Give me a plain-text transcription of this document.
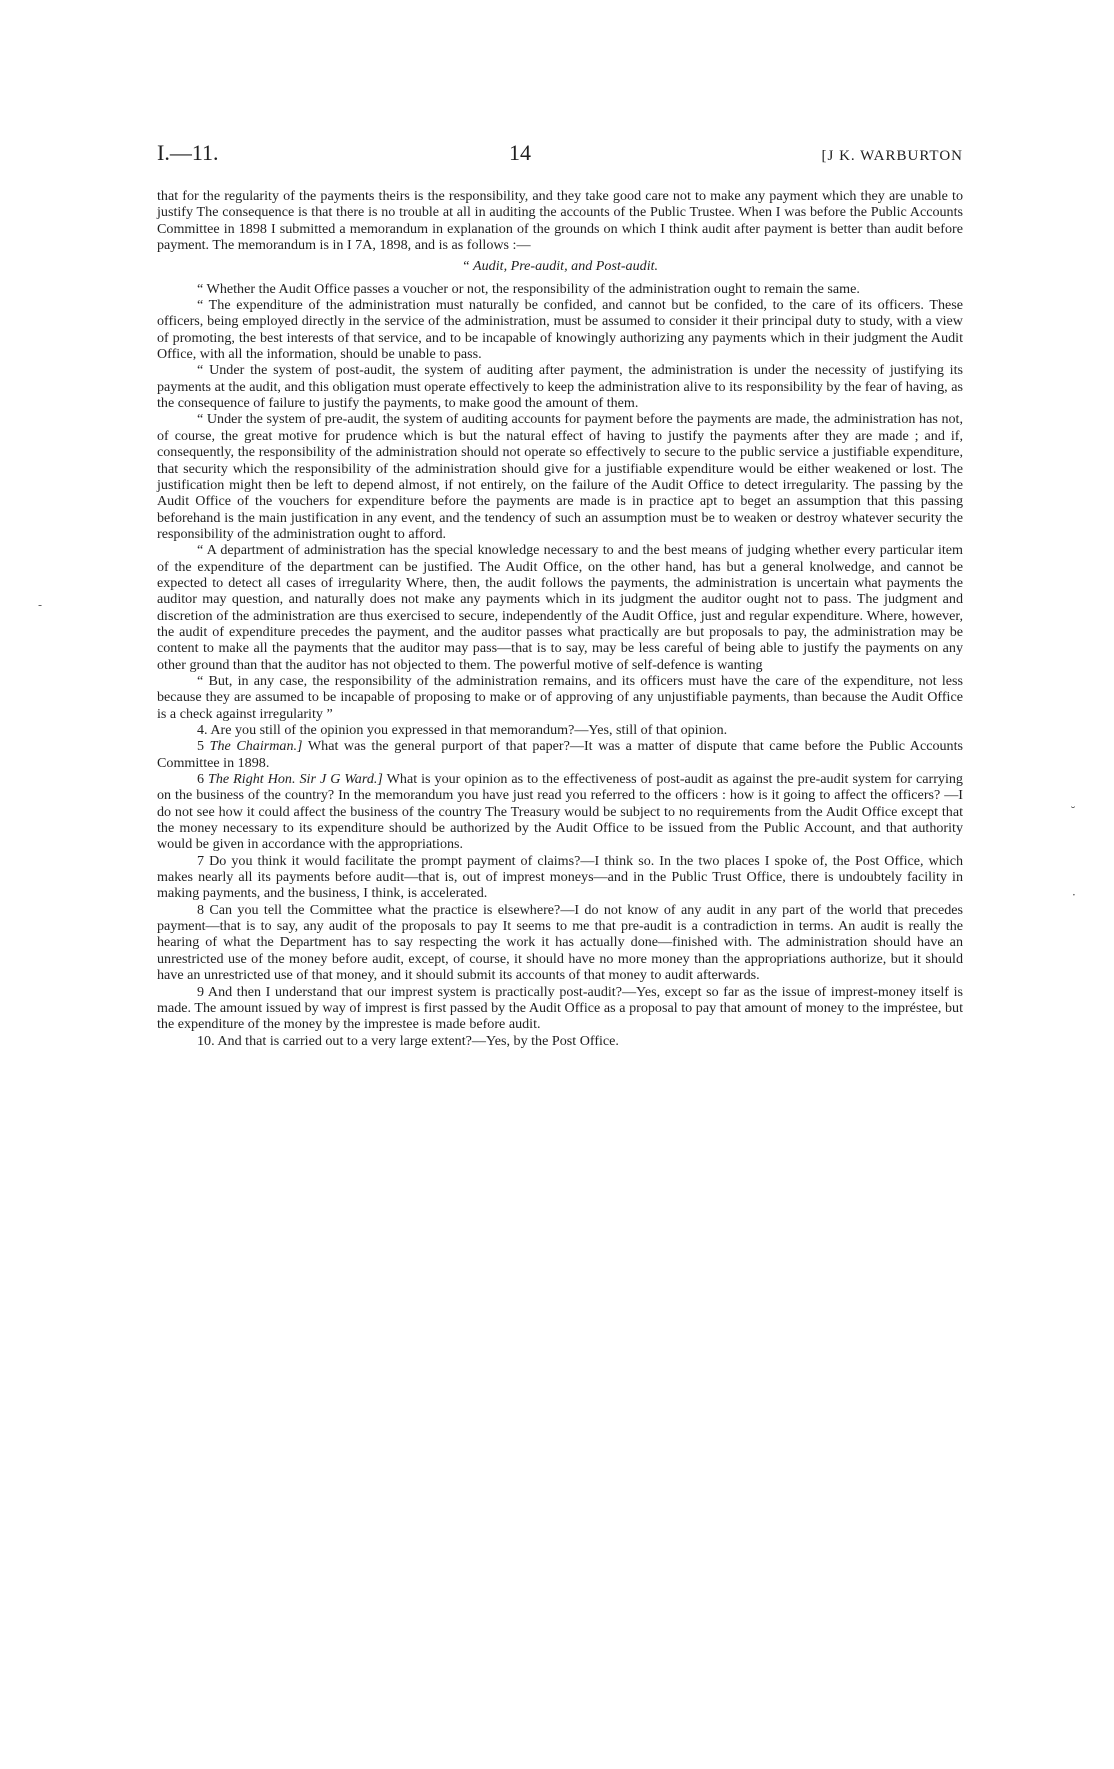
I.—11.	14	[J K. WARBURTON

that for the regularity of the payments theirs is the responsibility, and they take good care not to make any payment which they are unable to justify The consequence is that there is no trouble at all in auditing the accounts of the Public Trustee. When I was before the Public Accounts Committee in 1898 I submitted a memorandum in explanation of the grounds on which I think audit after payment is better than audit before payment. The memorandum is in I 7A, 1898, and is as follows :—

“ Audit, Pre-audit, and Post-audit.

“ Whether the Audit Office passes a voucher or not, the responsibility of the administration ought to remain the same.

“ The expenditure of the administration must naturally be confided, and cannot but be confided, to the care of its officers. These officers, being employed directly in the service of the administration, must be assumed to consider it their principal duty to study, with a view of promoting, the best interests of that service, and to be incapable of knowingly authorizing any payments which in their judgment the Audit Office, with all the information, should be unable to pass.

“ Under the system of post-audit, the system of auditing after payment, the administration is under the necessity of justifying its payments at the audit, and this obligation must operate effectively to keep the administration alive to its responsibility by the fear of having, as the consequence of failure to justify the payments, to make good the amount of them.

“ Under the system of pre-audit, the system of auditing accounts for payment before the payments are made, the administration has not, of course, the great motive for prudence which is but the natural effect of having to justify the payments after they are made ; and if, consequently, the responsibility of the administration should not operate so effectively to secure to the public service a justifiable expenditure, that security which the responsibility of the administration should give for a justifiable expenditure would be either weakened or lost. The justification might then be left to depend almost, if not entirely, on the failure of the Audit Office to detect irregularity. The passing by the Audit Office of the vouchers for expenditure before the payments are made is in practice apt to beget an assumption that this passing beforehand is the main justification in any event, and the tendency of such an assumption must be to weaken or destroy whatever security the responsibility of the administration ought to afford.

“ A department of administration has the special knowledge necessary to and the best means of judging whether every particular item of the expenditure of the department can be justified. The Audit Office, on the other hand, has but a general knolwedge, and cannot be expected to detect all cases of irregularity Where, then, the audit follows the payments, the administration is uncertain what payments the auditor may question, and naturally does not make any payments which in its judgment the auditor ought not to pass. The judgment and discretion of the administration are thus exercised to secure, independently of the Audit Office, just and regular expenditure. Where, however, the audit of expenditure precedes the payment, and the auditor passes what practically are but proposals to pay, the administration may be content to make all the payments that the auditor may pass—that is to say, may be less careful of being able to justify the payments on any other ground than that the auditor has not objected to them. The powerful motive of self-defence is wanting

“ But, in any case, the responsibility of the administration remains, and its officers must have the care of the expenditure, not less because they are assumed to be incapable of proposing to make or of approving of any unjustifiable payments, than because the Audit Office is a check against irregularity ”

4. Are you still of the opinion you expressed in that memorandum?—Yes, still of that opinion.

5 The Chairman.] What was the general purport of that paper?—It was a matter of dispute that came before the Public Accounts Committee in 1898.

6 The Right Hon. Sir J G Ward.] What is your opinion as to the effectiveness of post-audit as against the pre-audit system for carrying on the business of the country? In the memorandum you have just read you referred to the officers : how is it going to affect the officers? —I do not see how it could affect the business of the country The Treasury would be subject to no requirements from the Audit Office except that the money necessary to its expenditure should be authorized by the Audit Office to be issued from the Public Account, and that authority would be given in accordance with the appropriations.

7 Do you think it would facilitate the prompt payment of claims?—I think so. In the two places I spoke of, the Post Office, which makes nearly all its payments before audit—that is, out of imprest moneys—and in the Public Trust Office, there is undoubtely facility in making payments, and the business, I think, is accelerated.

8 Can you tell the Committee what the practice is elsewhere?—I do not know of any audit in any part of the world that precedes payment—that is to say, any audit of the proposals to pay It seems to me that pre-audit is a contradiction in terms. An audit is really the hearing of what the Department has to say respecting the work it has actually done—finished with. The administration should have an unrestricted use of the money before audit, except, of course, it should have no more money than the appropriations authorize, but it should have an unrestricted use of that money, and it should submit its accounts of that money to audit afterwards.

9 And then I understand that our imprest system is practically post-audit?—Yes, except so far as the issue of imprest-money itself is made. The amount issued by way of imprest is first passed by the Audit Office as a proposal to pay that amount of money to the impréstee, but the expenditure of the money by the imprestee is made before audit.

10. And that is carried out to a very large extent?—Yes, by the Post Office.

-
˘
·
